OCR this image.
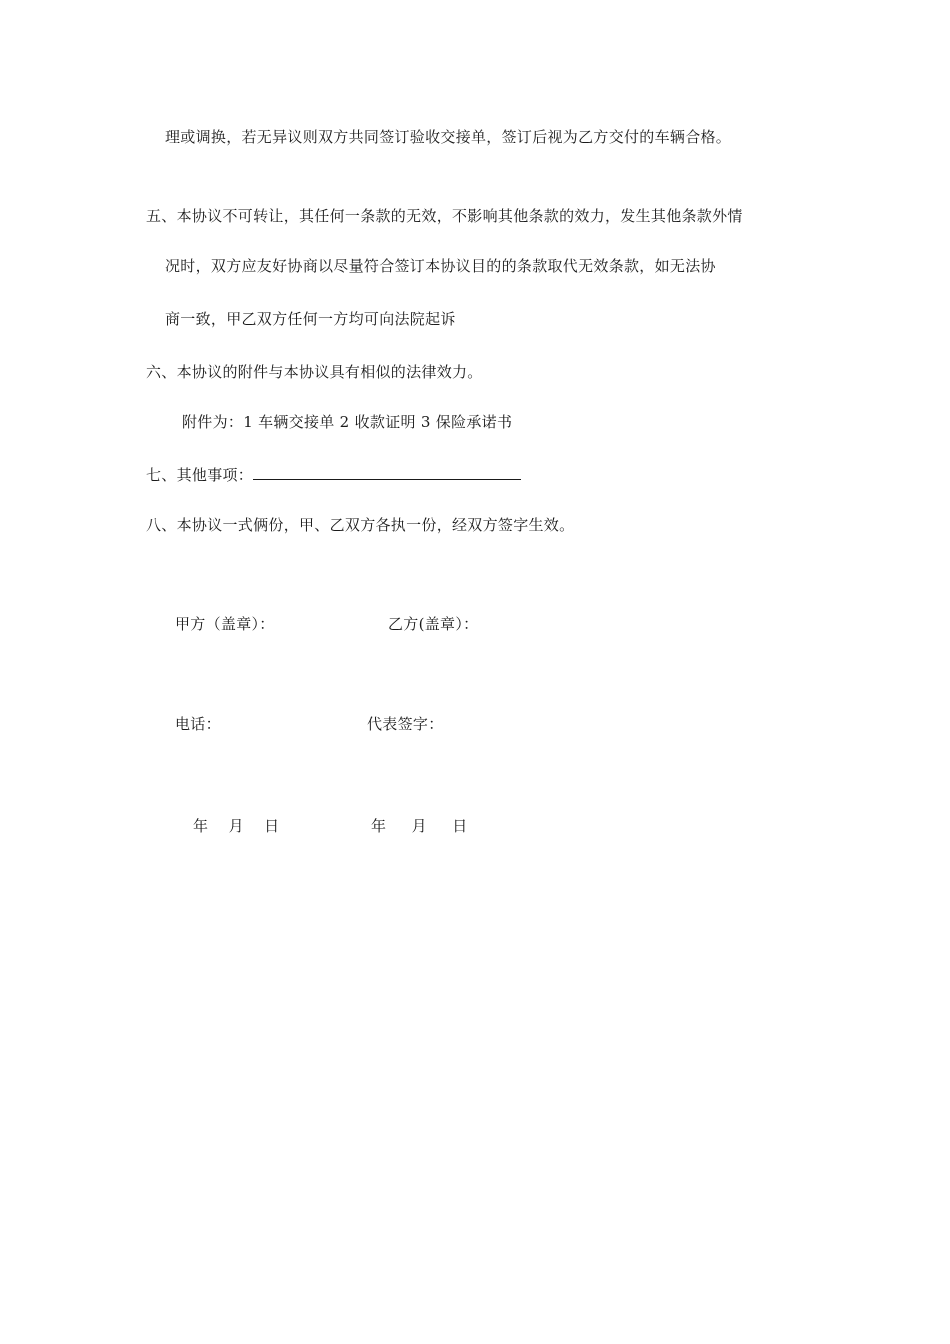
理或调换，若无异议则双方共同签订验收交接单，签订后视为乙方交付的车辆合格。
五、本协议不可转让，其任何一条款的无效，不影响其他条款的效力，发生其他条款外情
况时，双方应友好协商以尽量符合签订本协议目的的条款取代无效条款，如无法协
商一致，甲乙双方任何一方均可向法院起诉
六、本协议的附件与本协议具有相似的法律效力。
附件为：1 车辆交接单 2 收款证明 3 保险承诺书
七、其他事项：
八、本协议一式俩份，甲、乙双方各执一份，经双方签字生效。
甲方（盖章）：	乙方(盖章）：
电话：	代表签字：
年    月    日	年     月     日
